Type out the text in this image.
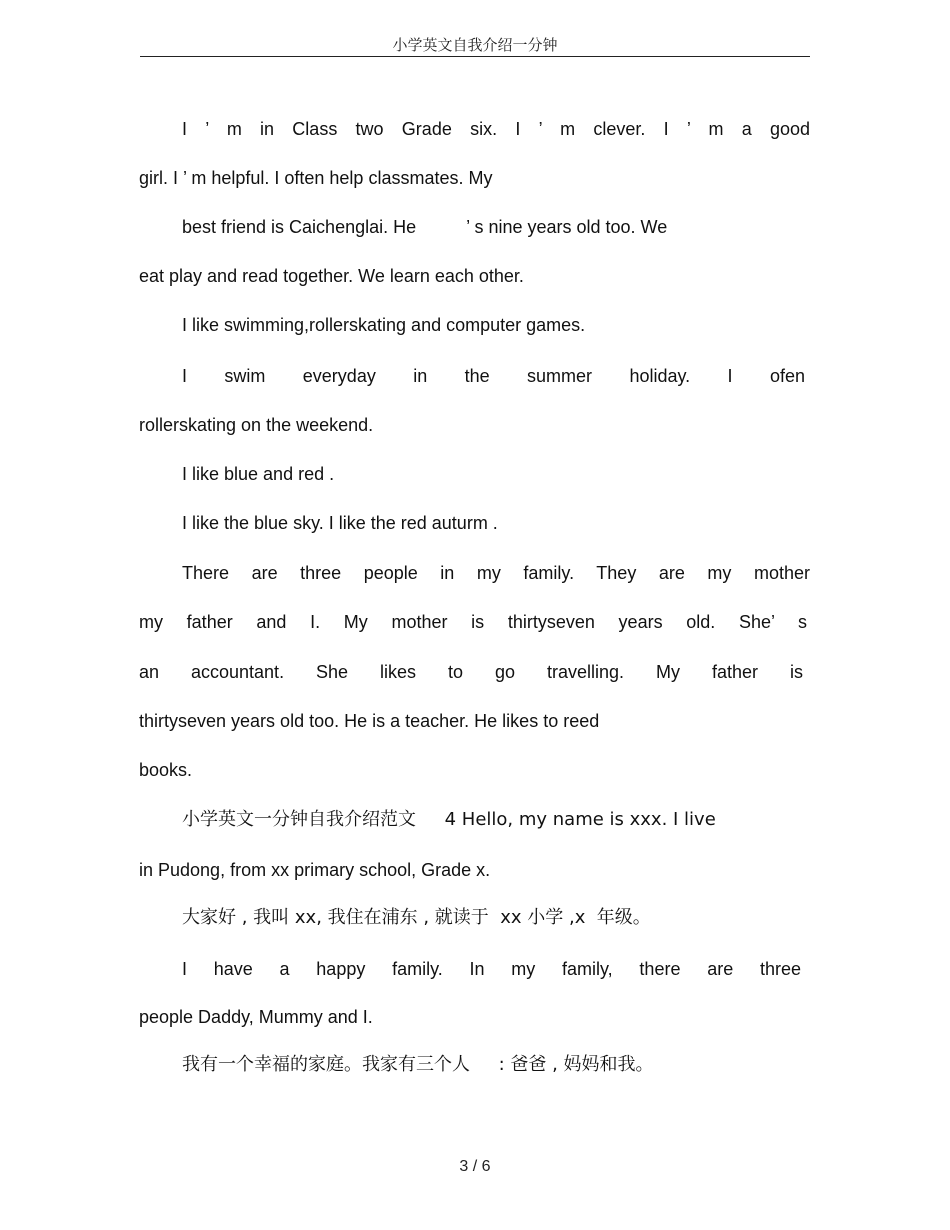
小学英文自我介绍一分钟
I ’ m in Class two Grade six. I ’ m clever. I ’ m a good
girl. I ’ m helpful. I often help classmates. My
best friend is Caichenglai. He          ’ s nine years old too. We
eat play and read together. We learn each other.
I like swimming,rollerskating and computer games.
I swim everyday in the summer holiday. I ofen
rollerskating on the weekend.
I like blue and red .
I like the blue sky. I like the red auturm .
There are three people in my family. They are my mother
my father and I. My mother is thirtyseven years old. She’ s
an accountant. She likes to go travelling. My father is
thirtyseven years old too. He is a teacher. He likes to reed
books.
小学英文一分钟自我介绍范文     4 Hello, my name is xxx. I live
in Pudong, from xx primary school, Grade x.
大家好 , 我叫 xx, 我住在浦东 , 就读于  xx 小学 ,x  年级。
I have a happy family. In my family, there are three
people Daddy, Mummy and I.
我有一个幸福的家庭。我家有三个人     : 爸爸 , 妈妈和我。
3 / 6
